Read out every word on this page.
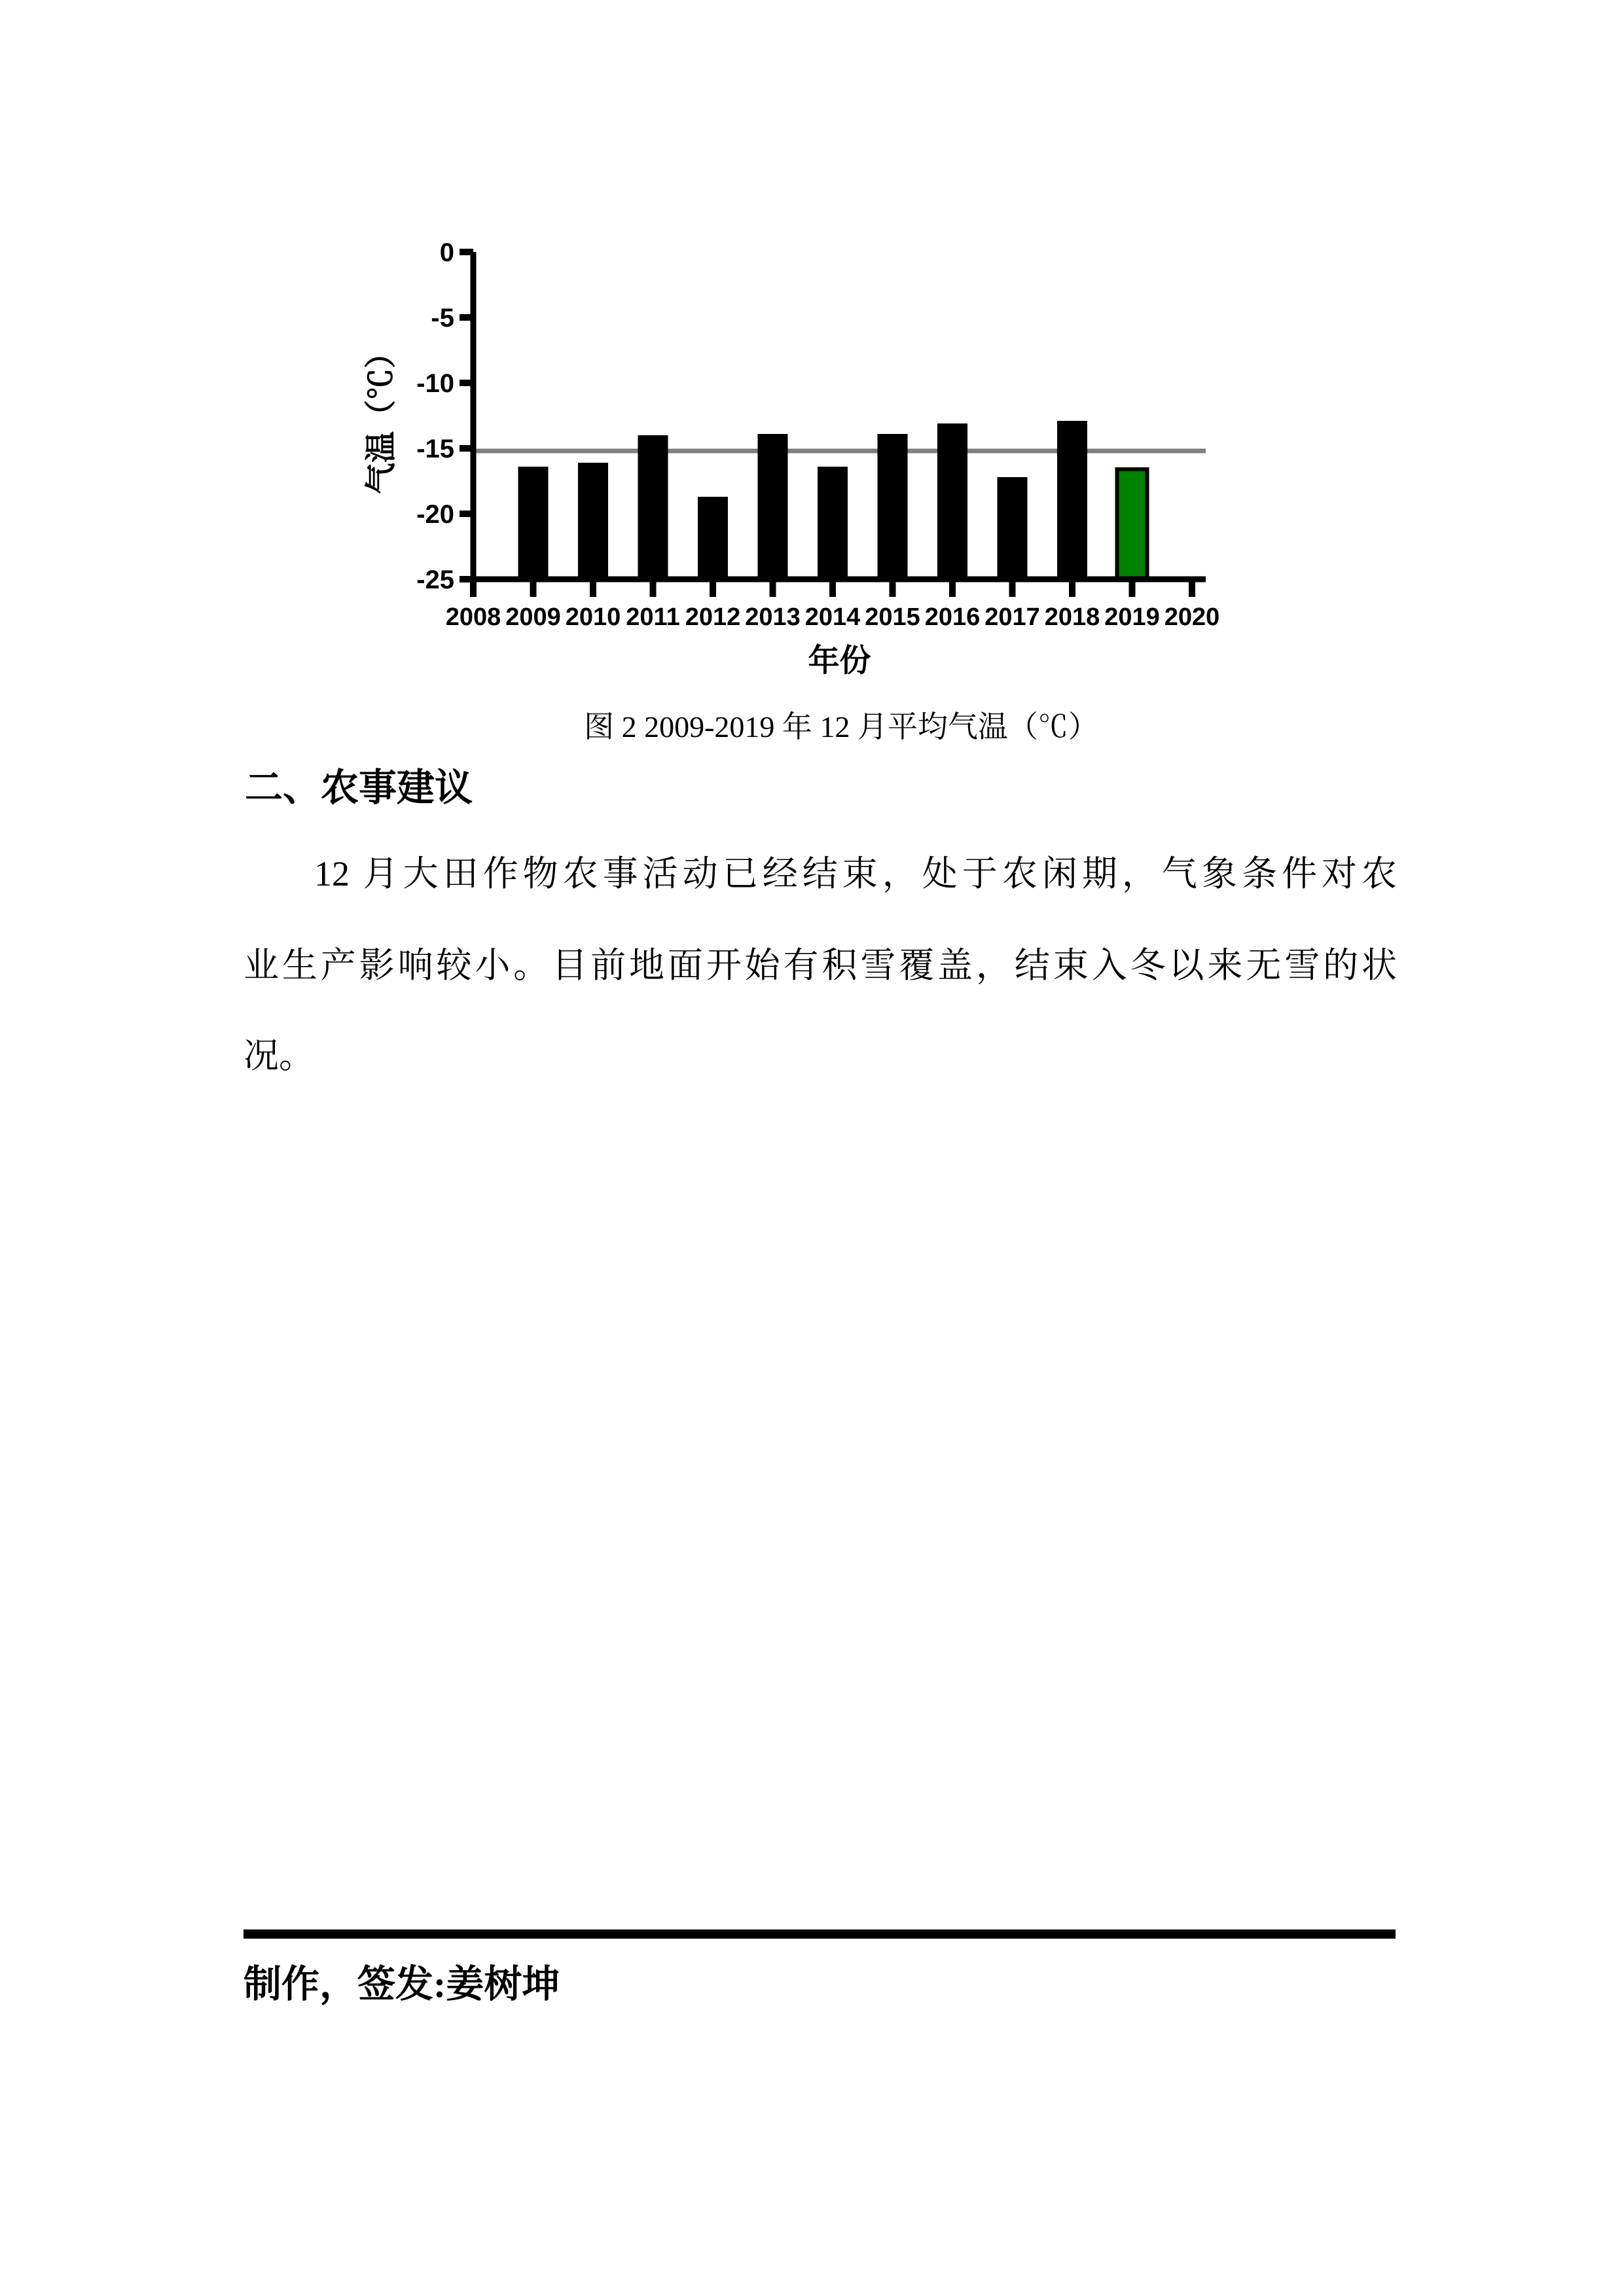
0
-5
-10
-15
-20
-25
2008 2009 2010 2011 2012 2013 2014 2015 2016 2017 2018 2019 2020
年份
气温（℃）
图 2 2009-2019 年 12 月平均气温（℃）
二、农事建议
12 月大田作物农事活动已经结束，处于农闲期，气象条件对农
业生产影响较小。目前地面开始有积雪覆盖，结束入冬以来无雪的状
况。
制作，签发:姜树坤
